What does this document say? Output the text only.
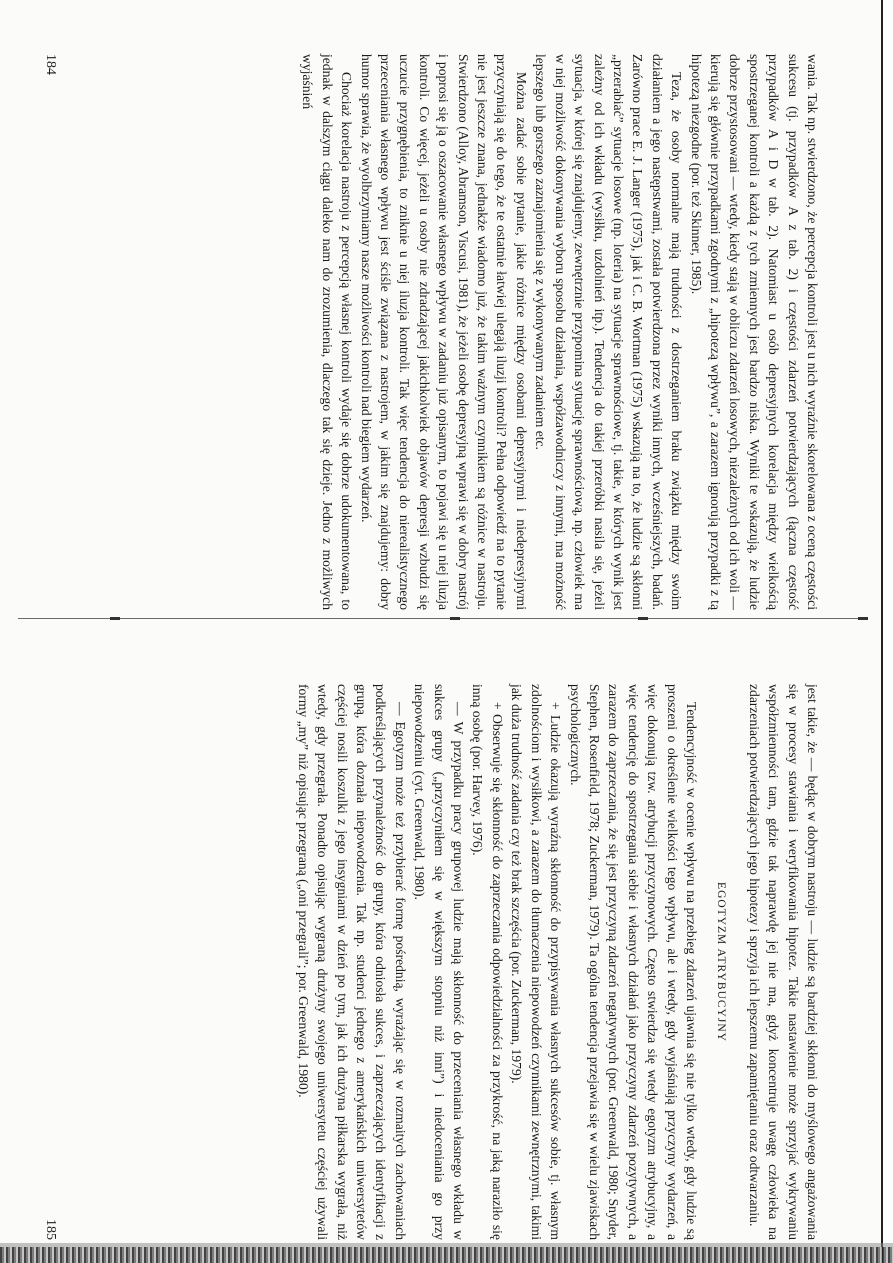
wania. Tak np. stwierdzono, że percepcja kontroli jest u nich wyraźnie skorelowana z oceną częstości sukcesu (tj. przypadków A z tab. 2) i częstości zdarzeń potwierdzających (łączna częstość przypadków A i D w tab. 2). Natomiast u osób depresyjnych korelacja między wielkością spostrzeganej kontroli a każdą z tych zmiennych jest bardzo niska. Wyniki te wskazują, że ludzie dobrze przystosowani — wtedy, kiedy stają w obliczu zdarzeń losowych, niezależnych od ich woli — kierują się głównie przypadkami zgodnymi z „hipotezą wpływu”, a zarazem ignorują przypadki z tą hipotezą niezgodne (por. też Skinner, 1985).

Teza, że osoby normalne mają trudności z dostrzeganiem braku związku między swoim działaniem a jego następstwami, została potwierdzona przez wyniki innych, wcześniejszych, badań. Zarówno prace E. J. Langer (1975), jak i C. B. Wortman (1975) wskazują na to, że ludzie są skłonni „przerabiać” sytuacje losowe (np. loteria) na sytuacje sprawnościowe, tj. takie, w których wynik jest zależny od ich wkładu (wysiłku, uzdolnień itp.). Tendencja do takiej przeróbki nasila się, jeżeli sytuacja, w której się znajdujemy, zewnętrznie przypomina sytuację sprawnościową, np. człowiek ma w niej możliwość dokonywania wyboru sposobu działania, współzawodniczy z innymi, ma możność lepszego lub gorszego zaznajomienia się z wykonywanym zadaniem etc.

Można zadać sobie pytanie, jakie różnice między osobami depresyjnymi i niedepresyjnymi przyczyniają się do tego, że te ostatnie łatwiej ulegają iluzji kontroli? Pełna odpowiedź na to pytanie nie jest jeszcze znana, jednakże wiadomo już, że takim ważnym czynnikiem są różnice w nastroju. Stwierdzono (Alloy, Abramson, Viscusi, 1981), że jeżeli osobę depresyjną wprawi się w dobry nastrój i poprosi się ją o oszacowanie własnego wpływu w zadaniu już opisanym, to pojawi się u niej iluzja kontroli. Co więcej, jeżeli u osoby nie zdradzającej jakichkolwiek objawów depresji wzbudzi się uczucie przygnębienia, to zniknie u niej iluzja kontroli. Tak więc tendencja do nierealistycznego przeceniania własnego wpływu jest ściśle związana z nastrojem, w jakim się znajdujemy: dobry humor sprawia, że wyolbrzymiamy nasze możliwości kontroli nad biegiem wydarzeń.

Chociaż korelacja nastroju z percepcją własnej kontroli wydaje się dobrze udokumentowana, to jednak w dalszym ciągu daleko nam do zrozumienia, dlaczego tak się dzieje. Jedno z możliwych wyjaśnień

184

jest takie, że — będąc w dobrym nastroju — ludzie są bardziej skłonni do myślowego angażowania się w procesy stawiania i weryfikowania hipotez. Takie nastawienie może sprzyjać wykrywaniu współzmienności tam, gdzie tak naprawdę jej nie ma, gdyż koncentruje uwagę człowieka na zdarzeniach potwierdzających jego hipotezy i sprzyja ich lepszemu zapamiętaniu oraz odtwarzaniu.

EGOTYZM ATRYBUCYJNY

Tendencyjność w ocenie wpływu na przebieg zdarzeń ujawnia się nie tylko wtedy, gdy ludzie są proszeni o określenie wielkości tego wpływu, ale i wtedy, gdy wyjaśniają przyczyny wydarzeń, a więc dokonują tzw. atrybucji przyczynowych. Często stwierdza się wtedy egotyzm atrybucyjny, a więc tendencję do spostrzegania siebie i własnych działań jako przyczyny zdarzeń pozytywnych, a zarazem do zaprzeczania, że się jest przyczyną zdarzeń negatywnych (por. Greenwald, 1980; Snyder, Stephen, Rosenfield, 1978; Zuckerman, 1979). Ta ogólna tendencja przejawia się w wielu zjawiskach psychologicznych.

+ Ludzie okazują wyraźną skłonność do przypisywania własnych sukcesów sobie, tj. własnym zdolnościom i wysiłkowi, a zarazem do tłumaczenia niepowodzeń czynnikami zewnętrznymi, takimi jak duża trudność zadania czy też brak szczęścia (por. Zuckerman, 1979).

+ Obserwuje się skłonność do zaprzeczania odpowiedzialności za przykrość, na jaką naraziło się inną osobę (por. Harvey, 1976).

— W przypadku pracy grupowej ludzie mają skłonność do przeceniania własnego wkładu w sukces grupy („przyczyniłem się w większym stopniu niż inni”) i niedoceniania go przy niepowodzeniu (cyt. Greenwald, 1980).

— Egotyzm może też przybierać formę pośrednią, wyrażając się w rozmaitych zachowaniach podkreślających przynależność do grupy, która odniosła sukces, i zaprzeczających identyfikacji z grupą, która doznała niepowodzenia. Tak np. studenci jednego z amerykańskich uniwersytetów częściej nosili koszulki z jego insygniami w dzień po tym, jak ich drużyna piłkarska wygrała, niż wtedy, gdy przegrała. Ponadto opisując wygraną drużyny swojego uniwersytetu częściej używali formy „my” niż opisując przegraną („oni przegrali”; por. Greenwald, 1980).

185
